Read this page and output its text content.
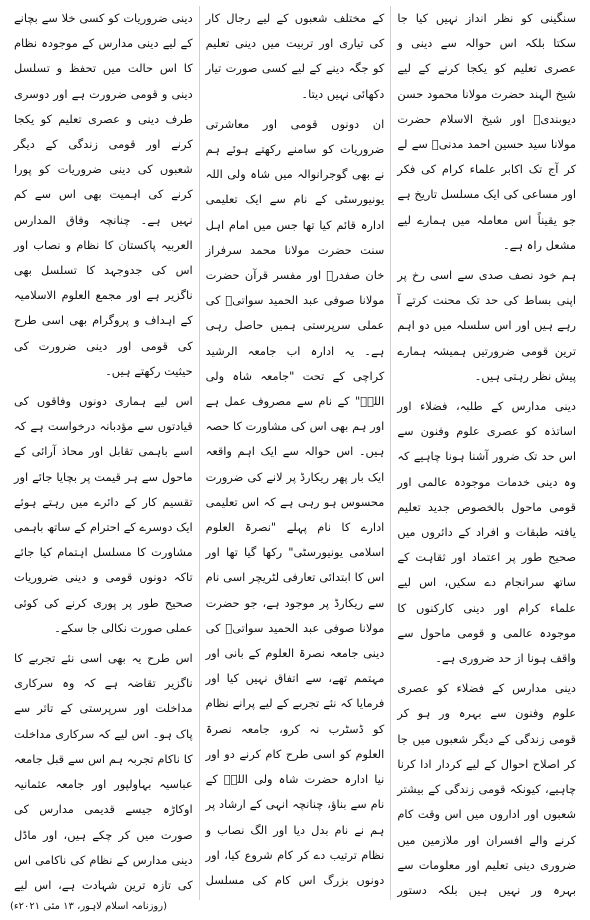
سنگینی کو نظر انداز نہیں کیا جا سکتا بلکہ اس حوالہ سے دینی و عصری تعلیم کو یکجا کرنے کے لیے شیخ الہند حضرت مولانا محمود حسن دیوبندیؒ اور شیخ الاسلام حضرت مولانا سید حسین احمد مدنیؒ سے لے کر آج تک اکابر علماء کرام کی فکر اور مساعی کی ایک مسلسل تاریخ ہے جو یقیناً اس معاملہ میں ہمارے لیے مشعل راہ ہے۔

ہم خود نصف صدی سے اسی رخ پر اپنی بساط کی حد تک محنت کرتے آ رہے ہیں اور اس سلسلہ میں دو اہم ترین قومی ضرورتیں ہمیشہ ہمارے پیش نظر رہتی ہیں۔

دینی مدارس کے طلبہ، فضلاء اور اساتذہ کو عصری علوم وفنون سے اس حد تک ضرور آشنا ہونا چاہیے کہ وہ دینی خدمات موجودہ عالمی اور قومی ماحول بالخصوص جدید تعلیم یافتہ طبقات و افراد کے دائروں میں صحیح طور پر اعتماد اور ثقاہت کے ساتھ سرانجام دے سکیں، اس لیے علماء کرام اور دینی کارکنوں کا موجودہ عالمی و قومی ماحول سے واقف ہونا از حد ضروری ہے۔

دینی مدارس کے فضلاء کو عصری علوم وفنون سے بہرہ ور ہو کر قومی زندگی کے دیگر شعبوں میں جا کر اصلاح احوال کے لیے کردار ادا کرنا چاہیے، کیونکہ قومی زندگی کے بیشتر شعبوں اور اداروں میں اس وقت کام کرنے والے افسران اور ملازمین میں ضروری دینی تعلیم اور معلومات سے بہرہ ور نہیں ہیں بلکہ دستور

کے مختلف شعبوں کے لیے رجال کار کی تیاری اور تربیت میں دینی تعلیم کو جگہ دینے کے لیے کسی صورت تیار دکھائی نہیں دیتا۔

ان دونوں قومی اور معاشرتی ضروریات کو سامنے رکھتے ہوئے ہم نے بھی گوجرانوالہ میں شاہ ولی اللہ یونیورسٹی کے نام سے ایک تعلیمی ادارہ قائم کیا تھا جس میں امام اہل سنت حضرت مولانا محمد سرفراز خان صفدرؒ اور مفسر قرآن حضرت مولانا صوفی عبد الحمید سواتیؒ کی عملی سرپرستی ہمیں حاصل رہی ہے۔ یہ ادارہ اب جامعہ الرشید کراچی کے تحت "جامعہ شاہ ولی اللہؒ" کے نام سے مصروف عمل ہے اور ہم بھی اس کی مشاورت کا حصہ ہیں۔ اس حوالہ سے ایک اہم واقعہ ایک بار پھر ریکارڈ پر لانے کی ضرورت محسوس ہو رہی ہے کہ اس تعلیمی ادارے کا نام پہلے "نصرۃ العلوم اسلامی یونیورسٹی" رکھا گیا تھا اور اس کا ابتدائی تعارفی لٹریچر اسی نام سے ریکارڈ پر موجود ہے، جو حضرت مولانا صوفی عبد الحمید سواتیؒ کی دینی جامعہ نصرۃ العلوم کے بانی اور مہتمم تھے، سے اتفاق نہیں کیا اور فرمایا کہ نئے تجربے کے لیے پرانے نظام کو ڈسٹرب نہ کرو، جامعہ نصرۃ العلوم کو اسی طرح کام کرنے دو اور نیا ادارہ حضرت شاہ ولی اللہؒ کے نام سے بناؤ، چنانچہ انہی کے ارشاد پر ہم نے نام بدل دیا اور الگ نصاب و نظام ترتیب دے کر کام شروع کیا، اور دونوں بزرگ اس کام کی مسلسل

دینی ضروریات کو کسی خلا سے بچانے کے لیے دینی مدارس کے موجودہ نظام کا اس حالت میں تحفظ و تسلسل دینی و قومی ضرورت ہے اور دوسری طرف دینی و عصری تعلیم کو یکجا کرنے اور قومی زندگی کے دیگر شعبوں کی دینی ضروریات کو پورا کرنے کی اہمیت بھی اس سے کم نہیں ہے۔ چنانچہ وفاق المدارس العربیہ پاکستان کا نظام و نصاب اور اس کی جدوجہد کا تسلسل بھی ناگزیر ہے اور مجمع العلوم الاسلامیہ کے اہداف و پروگرام بھی اسی طرح کی قومی اور دینی ضرورت کی حیثیت رکھتے ہیں۔

اس لیے ہماری دونوں وفاقوں کی قیادتوں سے مؤدبانہ درخواست ہے کہ اسے باہمی تقابل اور محاذ آرائی کے ماحول سے ہر قیمت پر بچایا جائے اور تقسیم کار کے دائرے میں رہتے ہوئے ایک دوسرے کے احترام کے ساتھ باہمی مشاورت کا مسلسل اہتمام کیا جائے تاکہ دونوں قومی و دینی ضروریات صحیح طور پر پوری کرنے کی کوئی عملی صورت نکالی جا سکے۔

اس طرح یہ بھی اسی نئے تجربے کا ناگزیر تقاضہ ہے کہ وہ سرکاری مداخلت اور سرپرستی کے تاثر سے پاک ہو۔ اس لیے کہ سرکاری مداخلت کا ناکام تجربہ ہم اس سے قبل جامعہ عباسیہ بہاولپور اور جامعہ عثمانیہ اوکاڑہ جیسے قدیمی مدارس کی صورت میں کر چکے ہیں، اور ماڈل دینی مدارس کے نظام کی ناکامی اس کی تازہ ترین شہادت ہے، اس لیے

(روزنامہ اسلام لاہور، ۱۳ مئی ۲۰۲۱ء)
